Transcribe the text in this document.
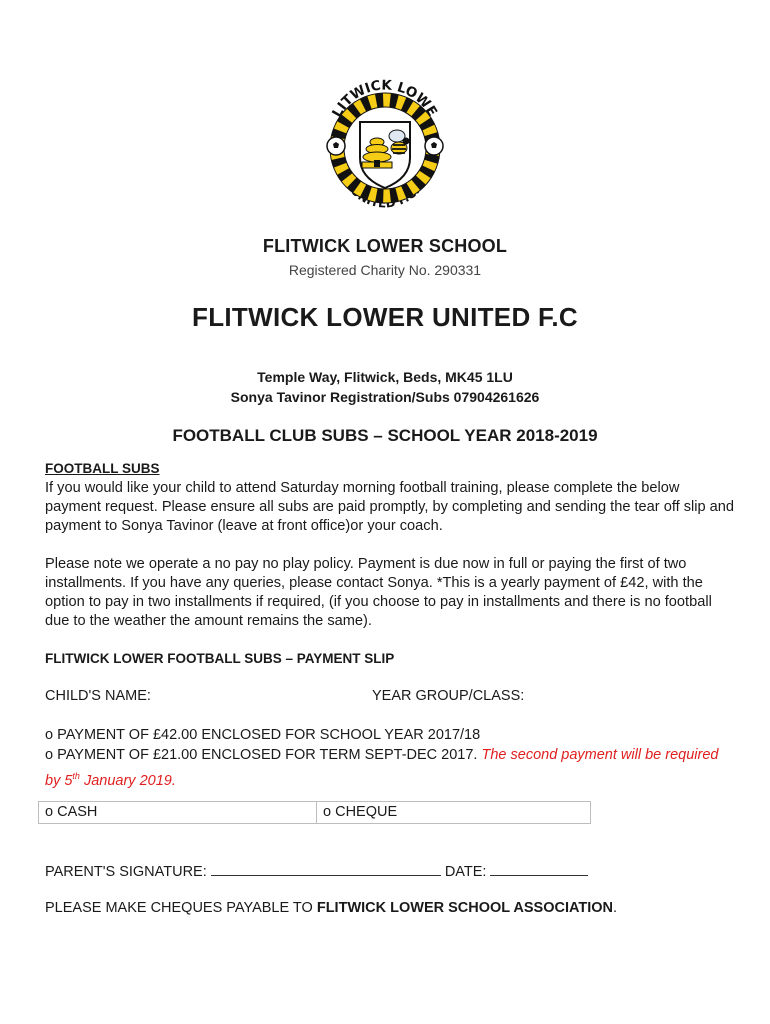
LITWICK LOWE
UNITED F.C.
FLITWICK LOWER SCHOOL
Registered Charity No. 290331
FLITWICK LOWER UNITED F.C
Temple Way, Flitwick, Beds, MK45 1LU
Sonya Tavinor Registration/Subs 07904261626
FOOTBALL CLUB SUBS – SCHOOL YEAR 2018-2019
FOOTBALL SUBS
If you would like your child to attend Saturday morning football training, please complete the below payment request. Please ensure all subs are paid promptly, by completing and sending the tear off slip and payment to Sonya Tavinor (leave at front office)or your coach.
Please note we operate a no pay no play policy. Payment is due now in full or paying the first of two installments. If you have any queries, please contact Sonya. *This is a yearly payment of £42, with the option to pay in two installments if required, (if you choose to pay in installments and there is no football due to the weather the amount remains the same).
FLITWICK LOWER FOOTBALL SUBS – PAYMENT SLIP
CHILD'S NAME:	YEAR GROUP/CLASS:
o PAYMENT OF £42.00 ENCLOSED FOR SCHOOL YEAR 2017/18
o PAYMENT OF £21.00 ENCLOSED FOR TERM SEPT-DEC 2017. The second payment will be required by 5th January 2019.
o CASH	o CHEQUE
PARENT'S SIGNATURE:	DATE:
PLEASE MAKE CHEQUES PAYABLE TO FLITWICK LOWER SCHOOL ASSOCIATION.
